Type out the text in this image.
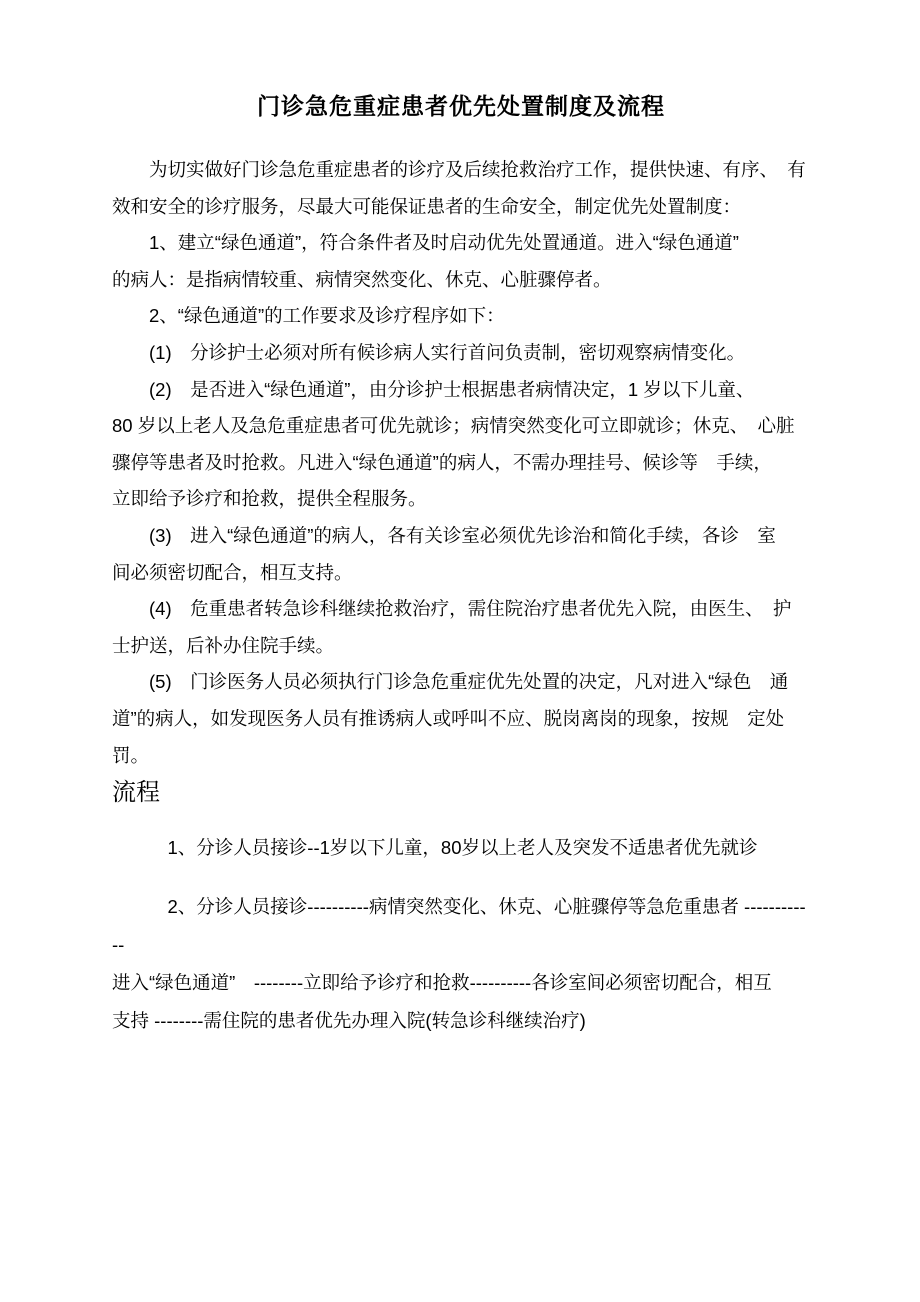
门诊急危重症患者优先处置制度及流程
　　为切实做好门诊急危重症患者的诊疗及后续抢救治疗工作，提供快速、有序、　有
效和安全的诊疗服务，尽最大可能保证患者的生命安全，制定优先处置制度：
　　1、建立“绿色通道”，符合条件者及时启动优先处置通道。进入“绿色通道”
的病人：是指病情较重、病情突然变化、休克、心脏骤停者。
　　2、“绿色通道”的工作要求及诊疗程序如下：
　　(1)　分诊护士必须对所有候诊病人实行首问负责制，密切观察病情变化。
　　(2)　是否进入“绿色通道”，由分诊护士根据患者病情决定，1 岁以下儿童、
80 岁以上老人及急危重症患者可优先就诊；病情突然变化可立即就诊；休克、　心脏
骤停等患者及时抢救。凡进入“绿色通道”的病人，不需办理挂号、候诊等　手续，
立即给予诊疗和抢救，提供全程服务。
　　(3)　进入“绿色通道”的病人，各有关诊室必须优先诊治和简化手续，各诊　室
间必须密切配合，相互支持。
　　(4)　危重患者转急诊科继续抢救治疗，需住院治疗患者优先入院，由医生、　护
士护送，后补办住院手续。
　　(5)　门诊医务人员必须执行门诊急危重症优先处置的决定，凡对进入“绿色　通
道”的病人，如发现医务人员有推诱病人或呼叫不应、脱岗离岗的现象，按规　定处
罚。
流程
　　　1、分诊人员接诊--1岁以下儿童，80岁以上老人及突发不适患者优先就诊
　　　2、分诊人员接诊----------病情突然变化、休克、心脏骤停等急危重患者 ------------
进入“绿色通道”　--------立即给予诊疗和抢救----------各诊室间必须密切配合，相互
支持 --------需住院的患者优先办理入院(转急诊科继续治疗)
